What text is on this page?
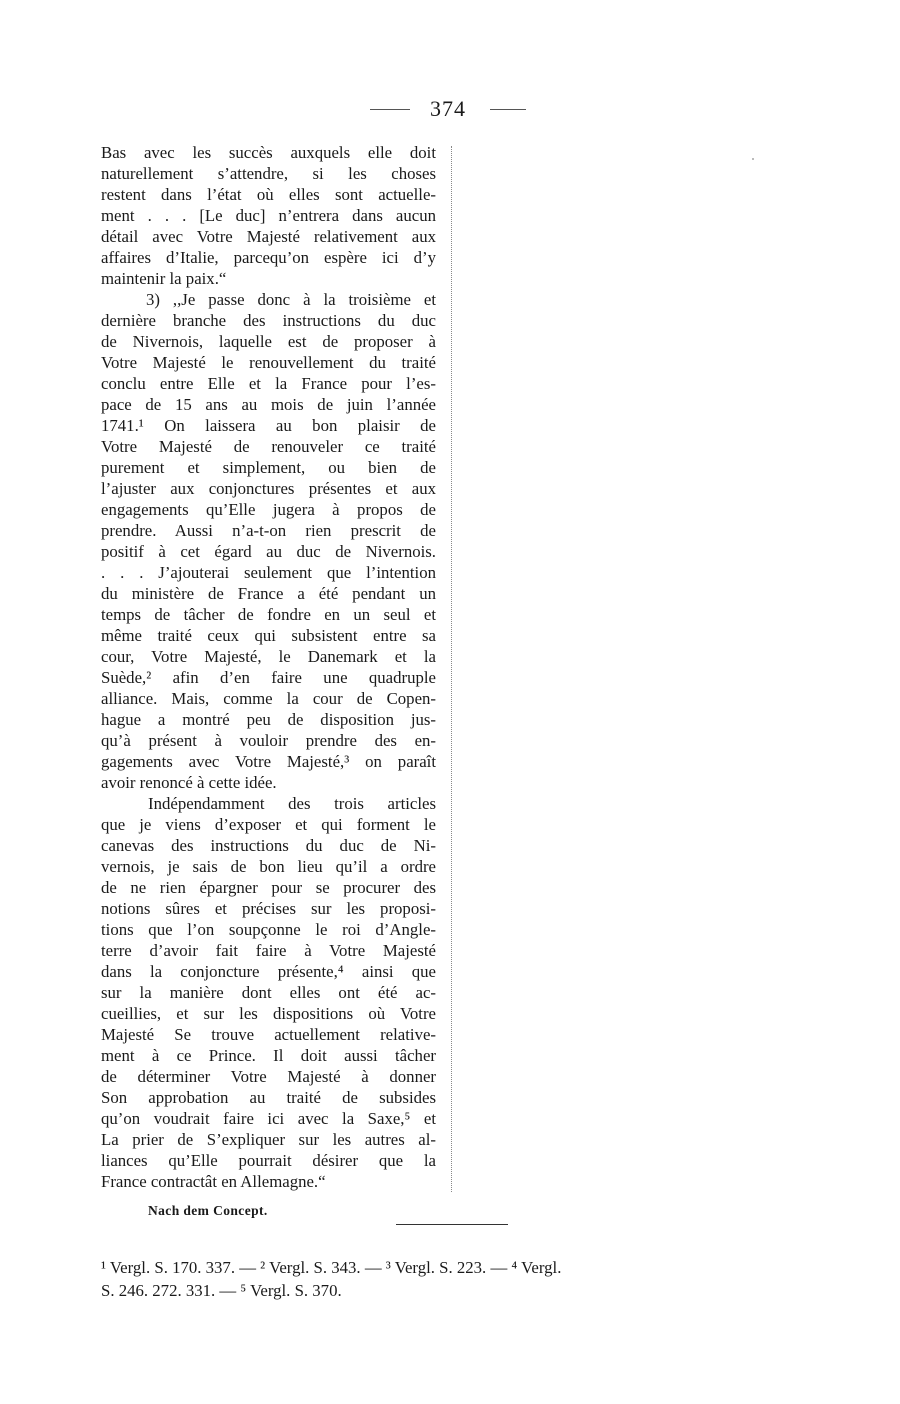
374
Bas avec les succès auxquels elle doit
naturellement s’attendre, si les choses
restent dans l’état où elles sont actuelle-
ment . . . [Le duc] n’entrera dans aucun
détail avec Votre Majesté relativement aux
affaires d’Italie, parcequ’on espère ici d’y
maintenir la paix.“
3) ,,Je passe donc à la troisième et
dernière branche des instructions du duc
de Nivernois, laquelle est de proposer à
Votre Majesté le renouvellement du traité
conclu entre Elle et la France pour l’es-
pace de 15 ans au mois de juin l’année
1741.¹ On laissera au bon plaisir de
Votre Majesté de renouveler ce traité
purement et simplement, ou bien de
l’ajuster aux conjonctures présentes et aux
engagements qu’Elle jugera à propos de
prendre. Aussi n’a-t-on rien prescrit de
positif à cet égard au duc de Nivernois.
. . . J’ajouterai seulement que l’intention
du ministère de France a été pendant un
temps de tâcher de fondre en un seul et
même traité ceux qui subsistent entre sa
cour, Votre Majesté, le Danemark et la
Suède,² afin d’en faire une quadruple
alliance. Mais, comme la cour de Copen-
hague a montré peu de disposition jus-
qu’à présent à vouloir prendre des en-
gagements avec Votre Majesté,³ on paraît
avoir renoncé à cette idée.
Indépendamment des trois articles
que je viens d’exposer et qui forment le
canevas des instructions du duc de Ni-
vernois, je sais de bon lieu qu’il a ordre
de ne rien épargner pour se procurer des
notions sûres et précises sur les proposi-
tions que l’on soupçonne le roi d’Angle-
terre d’avoir fait faire à Votre Majesté
dans la conjoncture présente,⁴ ainsi que
sur la manière dont elles ont été ac-
cueillies, et sur les dispositions où Votre
Majesté Se trouve actuellement relative-
ment à ce Prince. Il doit aussi tâcher
de déterminer Votre Majesté à donner
Son approbation au traité de subsides
qu’on voudrait faire ici avec la Saxe,⁵ et
La prier de S’expliquer sur les autres al-
liances qu’Elle pourrait désirer que la
France contractât en Allemagne.“
Nach dem Concept.
¹ Vergl. S. 170. 337. — ² Vergl. S. 343. — ³ Vergl. S. 223. — ⁴ Vergl.
S. 246. 272. 331. — ⁵ Vergl. S. 370.
